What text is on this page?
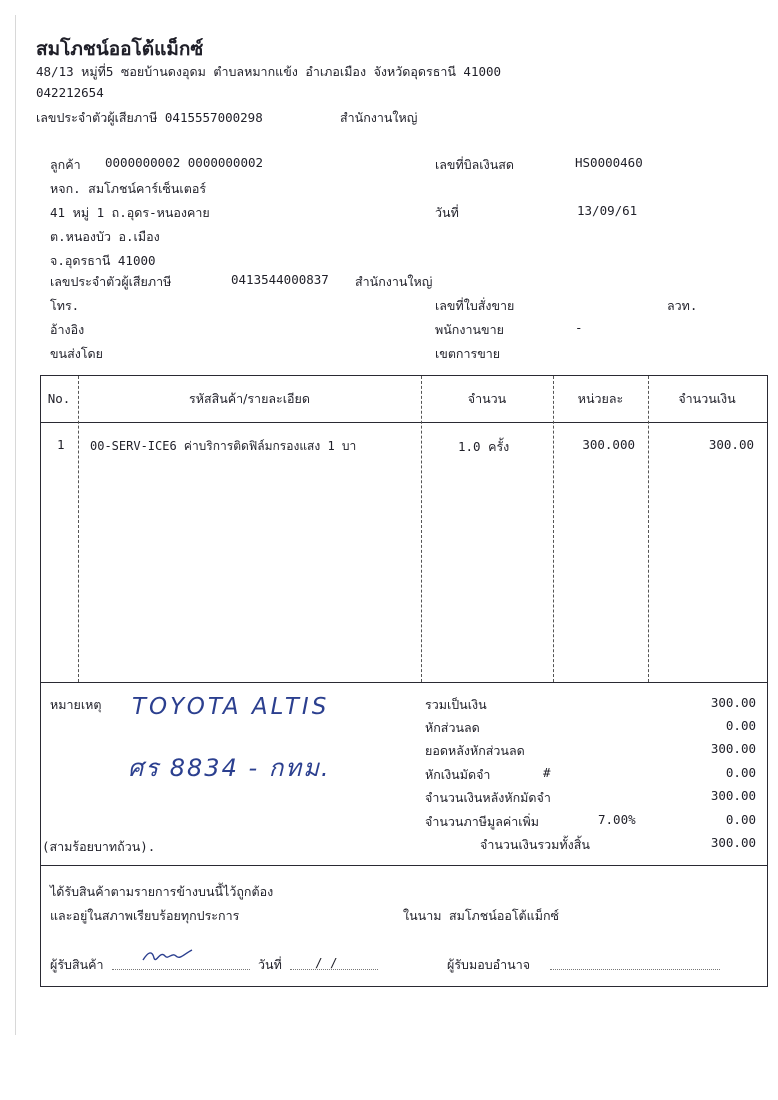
สมโภชน์ออโต้แม็กซ์
48/13 หมู่ที่5 ซอยบ้านดงอุดม ตำบลหมากแข้ง อำเภอเมือง จังหวัดอุดรธานี 41000
042212654
เลขประจำตัวผู้เสียภาษี 0415557000298	สำนักงานใหญ่
ลูกค้า 0000000002 0000000002
หจก. สมโภชน์คาร์เซ็นเตอร์
41 หมู่ 1 ถ.อุดร-หนองคาย
ต.หนองบัว อ.เมือง
จ.อุดรธานี 41000
เลขประจำตัวผู้เสียภาษี	0413544000837 สำนักงานใหญ่
โทร.
อ้างอิง
ขนส่งโดย
เลขที่บิลเงินสด	HS0000460
วันที่	13/09/61
เลขที่ใบสั่งขาย	ลวท.
พนักงานขาย	-
เขตการขาย
No.	รหัสสินค้า/รายละเอียด	จำนวน	หน่วยละ	จำนวนเงิน
1 00-SERV-ICE6 ค่าบริการติดฟิล์มกรองแสง 1 บา	1.0 ครั้ง	300.000	300.00
หมายเหตุ TOYOTA ALTIS
ศร 8834 - กทม.
(สามร้อยบาทถ้วน).
รวมเป็นเงิน	300.00
หักส่วนลด	0.00
ยอดหลังหักส่วนลด	300.00
หักเงินมัดจำ	#	0.00
จำนวนเงินหลังหักมัดจำ	300.00
จำนวนภาษีมูลค่าเพิ่ม	7.00%	0.00
จำนวนเงินรวมทั้งสิ้น	300.00
ได้รับสินค้าตามรายการข้างบนนี้ไว้ถูกต้อง
และอยู่ในสภาพเรียบร้อยทุกประการ	ในนาม สมโภชน์ออโต้แม็กซ์
ผู้รับสินค้า	วันที่	/ /	ผู้รับมอบอำนาจ
